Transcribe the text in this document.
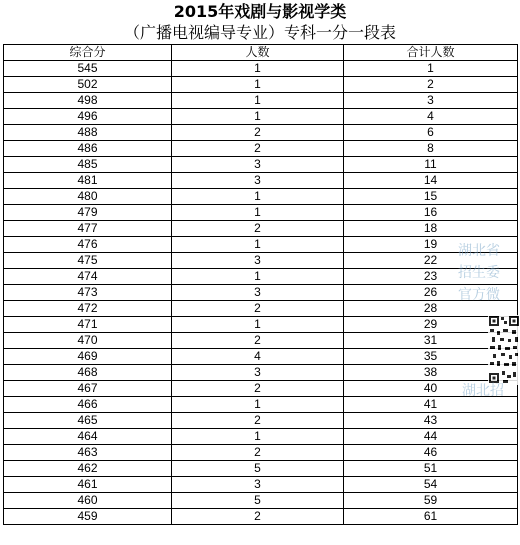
2015年戏剧与影视学类
（广播电视编导专业）专科一分一段表
综合分	人数	合计人数
545	1	1
502	1	2
498	1	3
496	1	4
488	2	6
486	2	8
485	3	11
481	3	14
480	1	15
479	1	16
477	2	18
476	1	19
475	3	22
474	1	23
473	3	26
472	2	28
471	1	29
470	2	31
469	4	35
468	3	38
467	2	40
466	1	41
465	2	43
464	1	44
463	2	46
462	5	51
461	3	54
460	5	59
459	2	61
湖北省
招生委
官方微
湖北招
